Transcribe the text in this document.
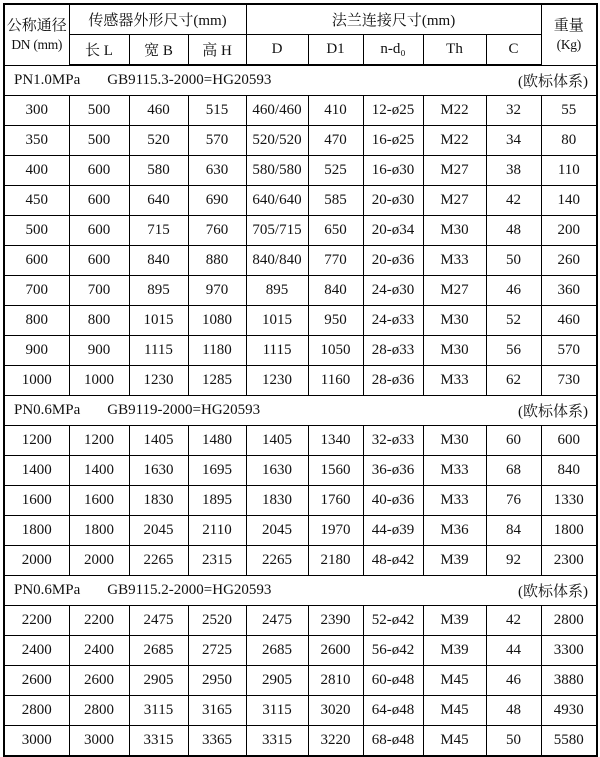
公称通径
DN (mm)
	传感器外形尺寸(mm)	法兰连接尺寸(mm)	重量
(Kg)

	长 L	宽 B	高 H	D	D1	n-d₀	Th	C	

PN1.0MPa GB9115.3-2000=HG20593 (欧标体系)									

300	500	460	515	460/460	410	12-ø25	M22	32	55
350	500	520	570	520/520	470	16-ø25	M22	34	80
400	600	580	630	580/580	525	16-ø30	M27	38	110
450	600	640	690	640/640	585	20-ø30	M27	42	140
500	600	715	760	705/715	650	20-ø34	M30	48	200
600	600	840	880	840/840	770	20-ø36	M33	50	260
700	700	895	970	895	840	24-ø30	M27	46	360
800	800	1015	1080	1015	950	24-ø33	M30	52	460
900	900	1115	1180	1115	1050	28-ø33	M30	56	570
1000	1000	1230	1285	1230	1160	28-ø36	M33	62	730

PN0.6MPa GB9119-2000=HG20593 (欧标体系)									

1200	1200	1405	1480	1405	1340	32-ø33	M30	60	600
1400	1400	1630	1695	1630	1560	36-ø36	M33	68	840
1600	1600	1830	1895	1830	1760	40-ø36	M33	76	1330
1800	1800	2045	2110	2045	1970	44-ø39	M36	84	1800
2000	2000	2265	2315	2265	2180	48-ø42	M39	92	2300

PN0.6MPa GB9115.2-2000=HG20593 (欧标体系)									

2200	2200	2475	2520	2475	2390	52-ø42	M39	42	2800
2400	2400	2685	2725	2685	2600	56-ø42	M39	44	3300
2600	2600	2905	2950	2905	2810	60-ø48	M45	46	3880
2800	2800	3115	3165	3115	3020	64-ø48	M45	48	4930
3000	3000	3315	3365	3315	3220	68-ø48	M45	50	5580
